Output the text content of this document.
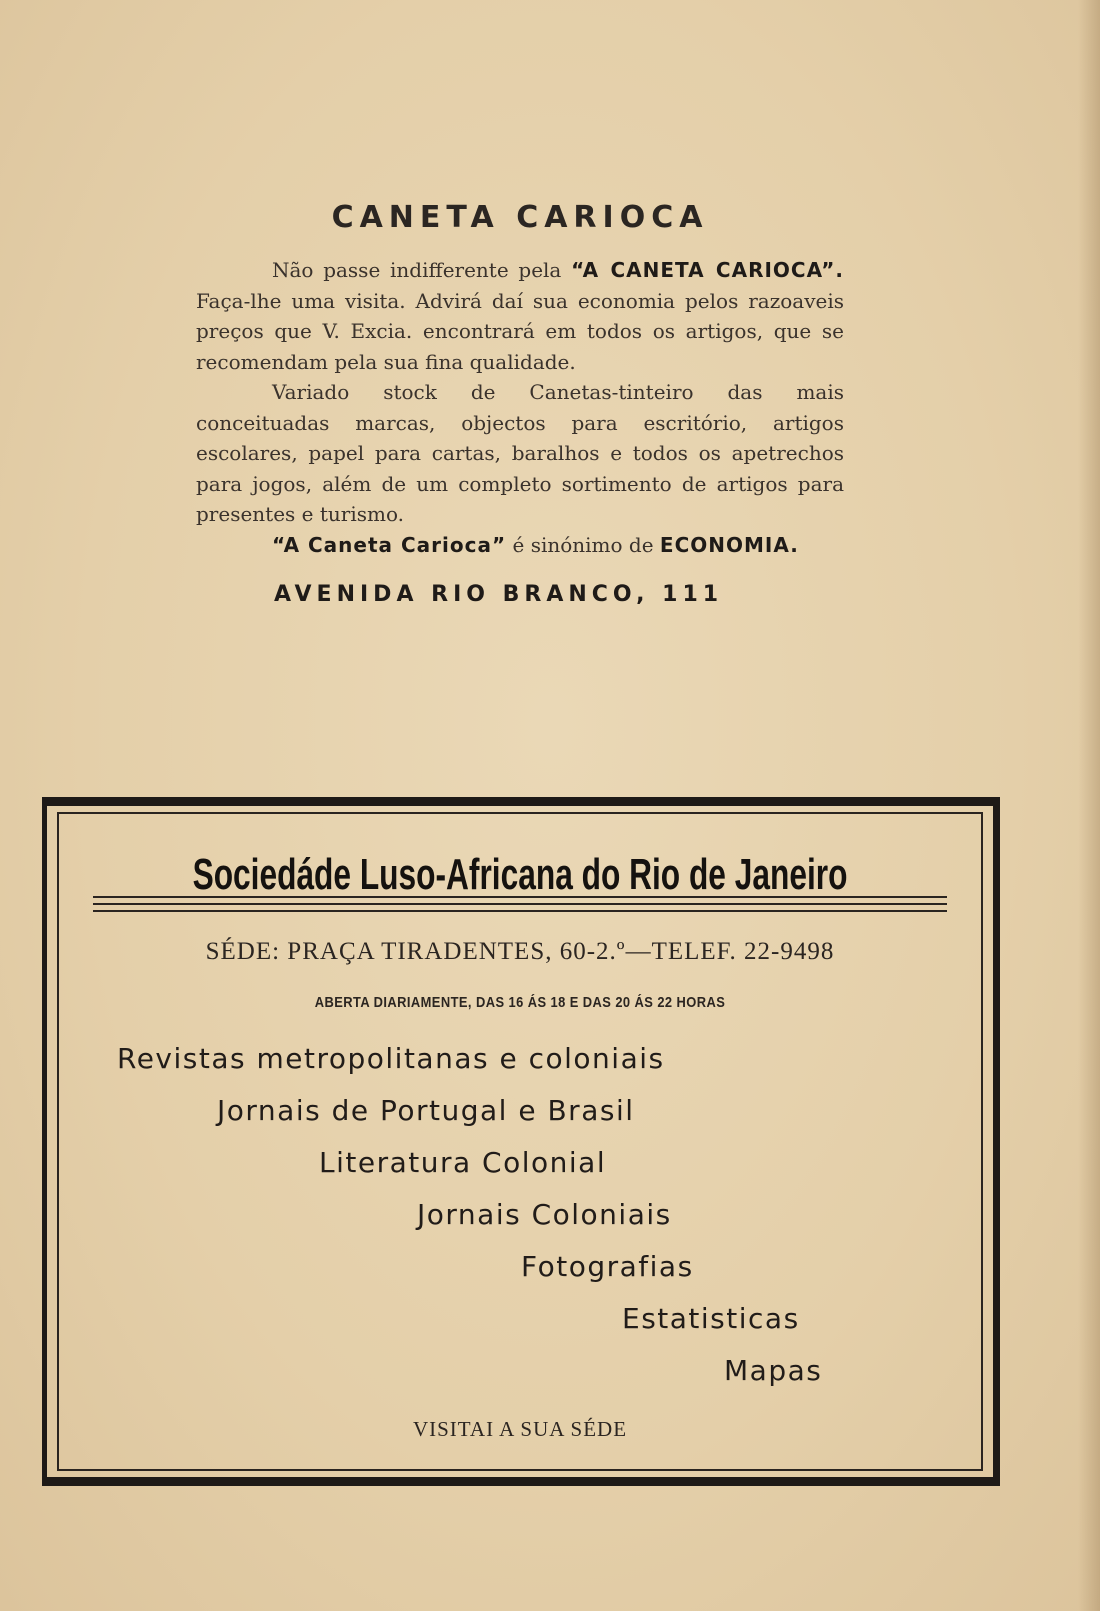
CANETA CARIOCA

Não passe indifferente pela “A CANETA CARIOCA”. Faça-lhe uma visita. Advirá daí sua economia pelos razoaveis preços que V. Excia. encontrará em todos os artigos, que se recomendam pela sua fina qualidade.

Variado stock de Canetas-tinteiro das mais conceituadas marcas, objectos para escritório, artigos escolares, papel para cartas, baralhos e todos os apetrechos para jogos, além de um completo sortimento de artigos para presentes e turismo.

“A Caneta Carioca” é sinónimo de ECONOMIA.

AVENIDA RIO BRANCO, 111
Sociedáde Luso-Africana do Rio de Janeiro
SÉDE: PRAÇA TIRADENTES, 60-2.º—TELEF. 22-9498
ABERTA DIARIAMENTE, DAS 16 ÁS 18 E DAS 20 ÁS 22 HORAS
Revistas metropolitanas e coloniais
Jornais de Portugal e Brasil
Literatura Colonial
Jornais Coloniais
Fotografias
Estatisticas
Mapas
VISITAI A SUA SÉDE
